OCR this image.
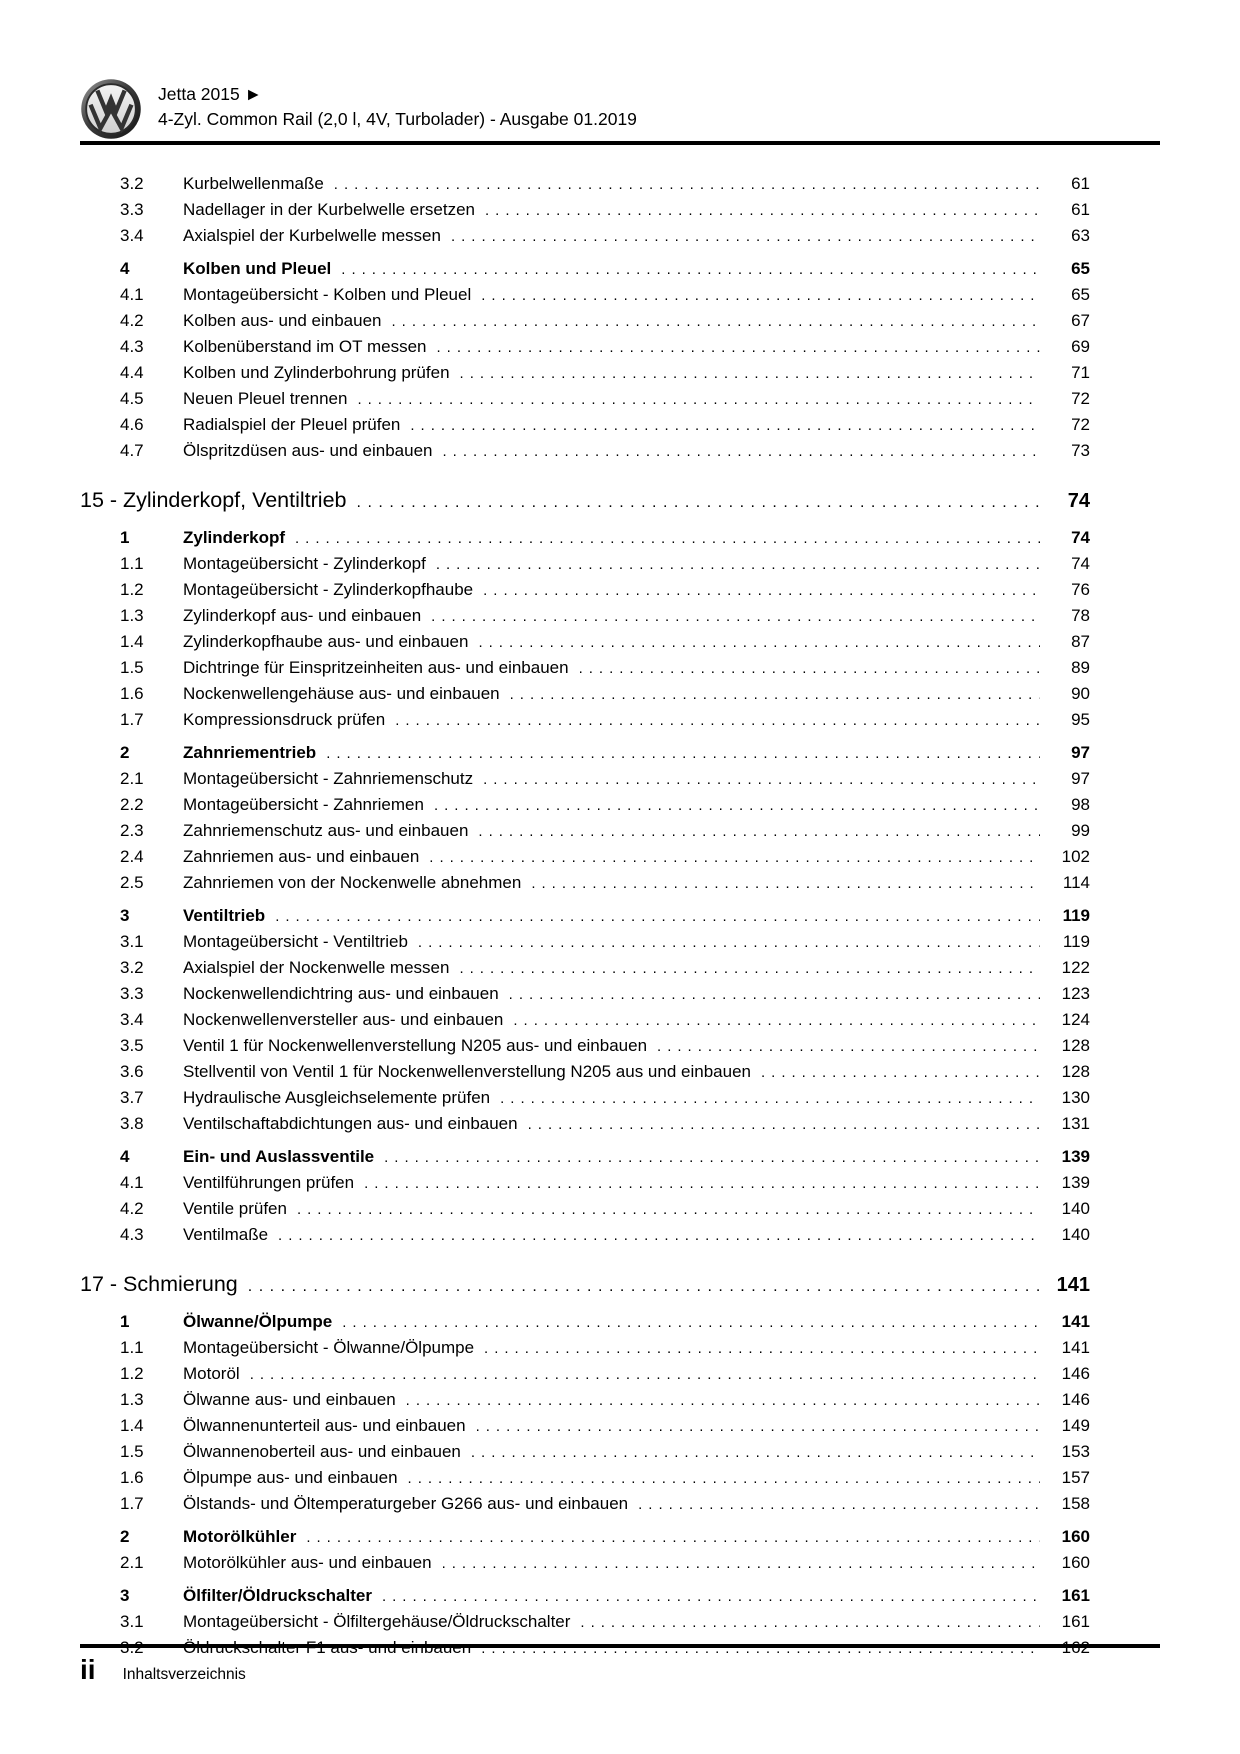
Jetta 2015 ►
4-Zyl. Common Rail (2,0 l, 4V, Turbolader) - Ausgabe 01.2019
3.2	Kurbelwellenmaße .....	61
3.3	Nadellager in der Kurbelwelle ersetzen .....	61
3.4	Axialspiel der Kurbelwelle messen .....	63
4	Kolben und Pleuel .....	65
4.1	Montageübersicht - Kolben und Pleuel .....	65
4.2	Kolben aus- und einbauen .....	67
4.3	Kolbenüberstand im OT messen .....	69
4.4	Kolben und Zylinderbohrung prüfen .....	71
4.5	Neuen Pleuel trennen .....	72
4.6	Radialspiel der Pleuel prüfen .....	72
4.7	Ölspritzdüsen aus- und einbauen .....	73
15 - Zylinderkopf, Ventiltrieb .....	74
1	Zylinderkopf .....	74
1.1	Montageübersicht - Zylinderkopf .....	74
1.2	Montageübersicht - Zylinderkopfhaube .....	76
1.3	Zylinderkopf aus- und einbauen .....	78
1.4	Zylinderkopfhaube aus- und einbauen .....	87
1.5	Dichtringe für Einspritzeinheiten aus- und einbauen .....	89
1.6	Nockenwellengehäuse aus- und einbauen .....	90
1.7	Kompressionsdruck prüfen .....	95
2	Zahnriementrieb .....	97
2.1	Montageübersicht - Zahnriemenschutz .....	97
2.2	Montageübersicht - Zahnriemen .....	98
2.3	Zahnriemenschutz aus- und einbauen .....	99
2.4	Zahnriemen aus- und einbauen .....	102
2.5	Zahnriemen von der Nockenwelle abnehmen .....	114
3	Ventiltrieb .....	119
3.1	Montageübersicht - Ventiltrieb .....	119
3.2	Axialspiel der Nockenwelle messen .....	122
3.3	Nockenwellendichtring aus- und einbauen .....	123
3.4	Nockenwellenversteller aus- und einbauen .....	124
3.5	Ventil 1 für Nockenwellenverstellung N205 aus- und einbauen .....	128
3.6	Stellventil von Ventil 1 für Nockenwellenverstellung N205 aus und einbauen .....	128
3.7	Hydraulische Ausgleichselemente prüfen .....	130
3.8	Ventilschaftabdichtungen aus- und einbauen .....	131
4	Ein- und Auslassventile .....	139
4.1	Ventilführungen prüfen .....	139
4.2	Ventile prüfen .....	140
4.3	Ventilmaße .....	140
17 - Schmierung .....	141
1	Ölwanne/Ölpumpe .....	141
1.1	Montageübersicht - Ölwanne/Ölpumpe .....	141
1.2	Motoröl .....	146
1.3	Ölwanne aus- und einbauen .....	146
1.4	Ölwannenunterteil aus- und einbauen .....	149
1.5	Ölwannenoberteil aus- und einbauen .....	153
1.6	Ölpumpe aus- und einbauen .....	157
1.7	Ölstands- und Öltemperaturgeber G266 aus- und einbauen .....	158
2	Motorölkühler .....	160
2.1	Motorölkühler aus- und einbauen .....	160
3	Ölfilter/Öldruckschalter .....	161
3.1	Montageübersicht - Ölfiltergehäuse/Öldruckschalter .....	161
3.2	Öldruckschalter F1 aus- und einbauen .....	162
ii Inhaltsverzeichnis
